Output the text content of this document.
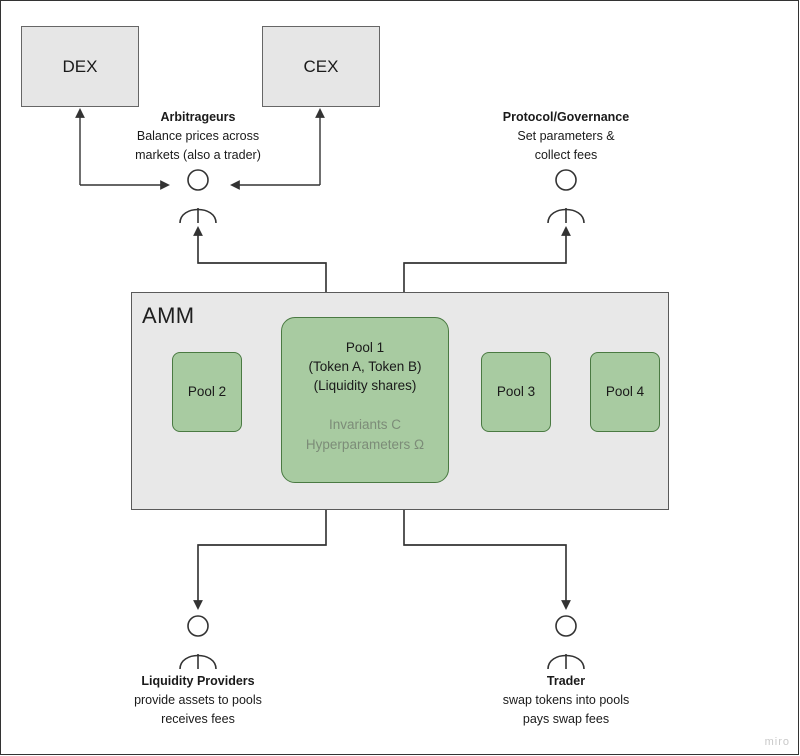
DEX	CEX
AMM
Pool 2
Pool 1
(Token A, Token B)
(Liquidity shares)
Invariants C
Hyperparameters Ω
Pool 3	Pool 4
Arbitrageurs
Balance prices across
markets (also a trader)
Protocol/Governance
Set parameters &
collect fees
Liquidity Providers
provide assets to pools
receives fees
Trader
swap tokens into pools
pays swap fees
miro
